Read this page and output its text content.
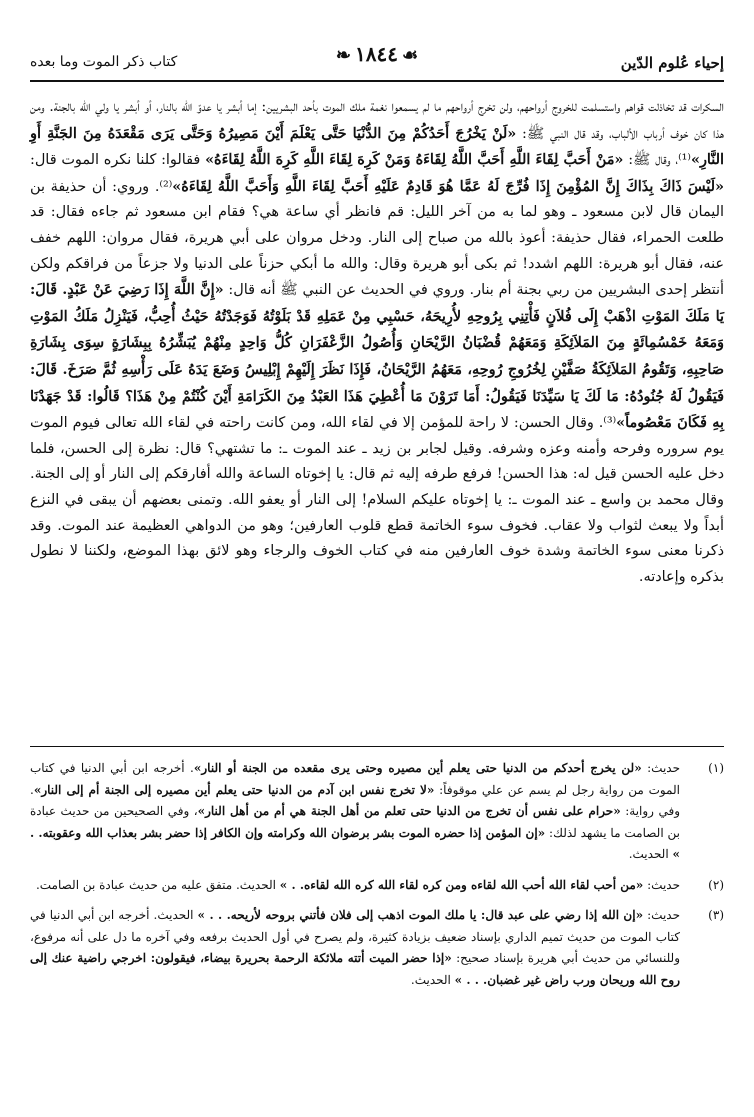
إحياء عُلوم الدّين
☙١٨٤٤❧
كتاب ذكر الموت وما بعده

السكرات قد تخاذلت قواهم واستسلمت للخروج أرواحهم، ولن تخرج أرواحهم ما لم يسمعوا نغمة ملك الموت بأحد البشريين: إما أبشر يا عدوّ الله بالنار، أو أبشر يا ولي الله بالجنة. ومن هذا كان خوف أرباب الألباب، وقد قال النبي ﷺ: «لَنْ يَخْرُجَ أَحَدُكُمْ مِنَ الدُّنْيَا حَتَّى يَعْلَمَ أَيْنَ مَصِيرُهُ وَحَتَّى يَرَى مَقْعَدَهُ مِنَ الجَنَّةِ أَوِ النَّارِ»⁽¹⁾، وقال ﷺ: «مَنْ أَحَبَّ لِقَاءَ اللَّهِ أَحَبَّ اللَّهُ لِقَاءَهُ وَمَنْ كَرِهَ لِقَاءَ اللَّهِ كَرِهَ اللَّهُ لِقَاءَهُ» فقالوا: كلنا نكره الموت قال: «لَيْسَ ذَاكَ بِذَاكَ إِنَّ المُؤْمِنَ إِذَا فُرِّجَ لَهُ عَمَّا هُوَ قَادِمٌ عَلَيْهِ أَحَبَّ لِقَاءَ اللَّهِ وَأَحَبَّ اللَّهُ لِقَاءَهُ»⁽²⁾. وروي: أن حذيفة بن اليمان قال لابن مسعود ـ وهو لما به من آخر الليل: قم فانظر أي ساعة هي؟ فقام ابن مسعود ثم جاءه فقال: قد طلعت الحمراء، فقال حذيفة: أعوذ بالله من صباح إلى النار. ودخل مروان على أبي هريرة، فقال مروان: اللهم خفف عنه، فقال أبو هريرة: اللهم اشدد! ثم بكى أبو هريرة وقال: والله ما أبكي حزناً على الدنيا ولا جزعاً من فراقكم ولكن أنتظر إحدى البشريين من ربي بجنة أم بنار. وروي في الحديث عن النبي ﷺ أنه قال: «إِنَّ اللَّهَ إِذَا رَضِيَ عَنْ عَبْدٍ. قَالَ: يَا مَلَكَ المَوْتِ اذْهَبْ إِلَى فُلاَنٍ فَأْتِنِي بِرُوحِهِ لأُرِيحَهُ، حَسْبِي مِنْ عَمَلِهِ قَدْ بَلَوْتُهُ فَوَجَدْتُهُ حَيْثُ أُحِبُّ، فَيَنْزِلُ مَلَكُ المَوْتِ وَمَعَهُ خَمْسُمِائَةٍ مِنَ المَلاَئِكَةِ وَمَعَهُمْ قُضْبَانُ الرَّيْحَانِ وَأُصُولُ الزَّعْفَرَانِ كُلُّ وَاحِدٍ مِنْهُمْ يُبَشِّرُهُ بِبِشَارَةٍ سِوَى بِشَارَةِ صَاحِبِهِ، وَتَقُومُ المَلاَئِكَةُ صَفَّيْنِ لِخُرُوجِ رُوحِهِ، مَعَهُمُ الرَّيْحَانُ، فَإِذَا نَظَرَ إِلَيْهِمْ إِبْلِيسُ وَضَعَ يَدَهُ عَلَى رَأْسِهِ ثُمَّ صَرَخَ. قَالَ: فَيَقُولُ لَهُ جُنُودُهُ: مَا لَكَ يَا سَيِّدَنَا فَيَقُولُ: أَمَا تَرَوْنَ مَا أُعْطِيَ هَذَا العَبْدُ مِنَ الكَرَامَةِ أَيْنَ كُنْتُمْ مِنْ هَذَا؟ قَالُوا: قَدْ جَهَدْنَا بِهِ فَكَانَ مَعْصُوماً»⁽³⁾. وقال الحسن: لا راحة للمؤمن إلا في لقاء الله، ومن كانت راحته في لقاء الله تعالى فيوم الموت يوم سروره وفرحه وأمنه وعزه وشرفه. وقيل لجابر بن زيد ـ عند الموت ـ: ما تشتهي؟ قال: نظرة إلى الحسن، فلما دخل عليه الحسن قيل له: هذا الحسن! فرفع طرفه إليه ثم قال: يا إخوتاه الساعة والله أفارقكم إلى النار أو إلى الجنة. وقال محمد بن واسع ـ عند الموت ـ: يا إخوتاه عليكم السلام! إلى النار أو يعفو الله. وتمنى بعضهم أن يبقى في النزع أبداً ولا يبعث لثواب ولا عقاب. فخوف سوء الخاتمة قطع قلوب العارفين؛ وهو من الدواهي العظيمة عند الموت. وقد ذكرنا معنى سوء الخاتمة وشدة خوف العارفين منه في كتاب الخوف والرجاء وهو لائق بهذا الموضع، ولكننا لا نطول بذكره وإعادته.

(١)
حديث: «لن يخرج أحدكم من الدنيا حتى يعلم أين مصيره وحتى يرى مقعده من الجنة أو النار». أخرجه ابن أبي الدنيا في كتاب الموت من رواية رجل لم يسم عن علي موقوفاً: «لا تخرج نفس ابن آدم من الدنيا حتى يعلم أين مصيره إلى الجنة أم إلى النار». وفي رواية: «حرام على نفس أن تخرج من الدنيا حتى تعلم من أهل الجنة هي أم من أهل النار»، وفي الصحيحين من حديث عبادة بن الصامت ما يشهد لذلك: «إن المؤمن إذا حضره الموت بشر برضوان الله وكرامته وإن الكافر إذا حضر بشر بعذاب الله وعقوبته. . » الحديث.
(٢)
حديث: «من أحب لقاء الله أحب الله لقاءه ومن كره لقاء الله كره الله لقاءه. . » الحديث. متفق عليه من حديث عبادة بن الصامت.
(٣)
حديث: «إن الله إذا رضي على عبد قال: يا ملك الموت اذهب إلى فلان فأتني بروحه لأريحه. . . » الحديث. أخرجه ابن أبي الدنيا في كتاب الموت من حديث تميم الداري بإسناد ضعيف بزيادة كثيرة، ولم يصرح في أول الحديث برفعه وفي آخره ما دل على أنه مرفوع، وللنسائي من حديث أبي هريرة بإسناد صحيح: «إذا حضر الميت أتته ملائكة الرحمة بحريرة بيضاء، فيقولون: اخرجي راضية عنك إلى روح الله وريحان ورب راض غير غضبان. . . » الحديث.
